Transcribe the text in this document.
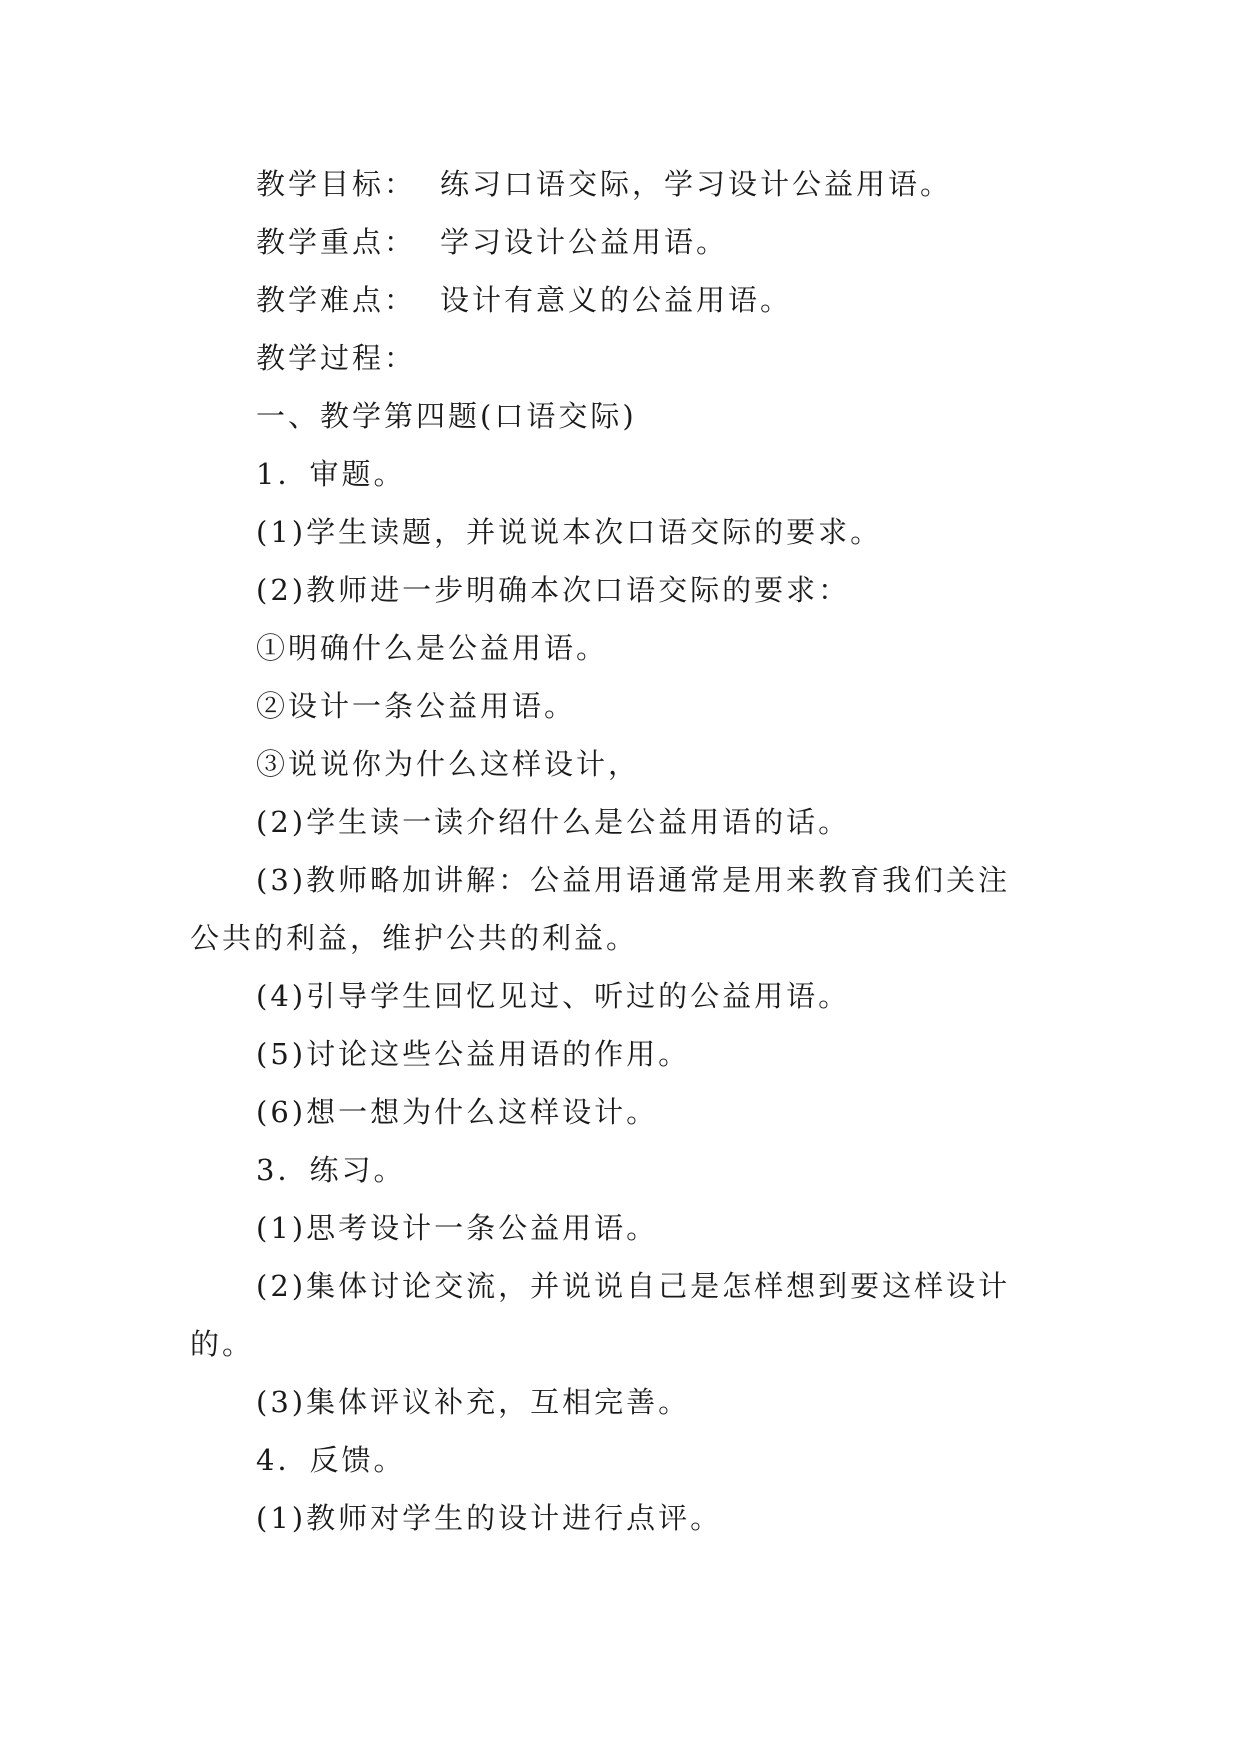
教学目标： 练习口语交际，学习设计公益用语。
教学重点： 学习设计公益用语。
教学难点： 设计有意义的公益用语。
教学过程：
一、教学第四题(口语交际)
1．审题。
(1)学生读题，并说说本次口语交际的要求。
(2)教师进一步明确本次口语交际的要求：
①明确什么是公益用语。
②设计一条公益用语。
③说说你为什么这样设计，
(2)学生读一读介绍什么是公益用语的话。
(3)教师略加讲解：公益用语通常是用来教育我们关注
公共的利益，维护公共的利益。
(4)引导学生回忆见过、听过的公益用语。
(5)讨论这些公益用语的作用。
(6)想一想为什么这样设计。
3．练习。
(1)思考设计一条公益用语。
(2)集体讨论交流，并说说自己是怎样想到要这样设计
的。
(3)集体评议补充，互相完善。
4．反馈。
(1)教师对学生的设计进行点评。
